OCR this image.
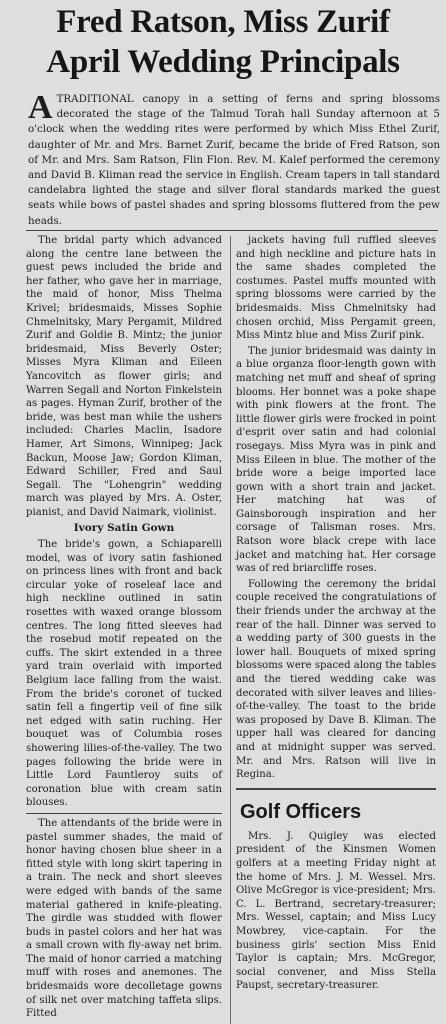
Fred Ratson, Miss Zurif
April Wedding Principals
ATRADITIONAL canopy in a setting of ferns and spring blossoms decorated the stage of the Talmud Torah hall Sunday afternoon at 5 o'clock when the wedding rites were performed by which Miss Ethel Zurif, daughter of Mr. and Mrs. Barnet Zurif, became the bride of Fred Ratson, son of Mr. and Mrs. Sam Ratson, Flin Flon. Rev. M. Kalef performed the ceremony and David B. Kliman read the service in English. Cream tapers in tall standard candelabra lighted the stage and silver floral standards marked the guest seats while bows of pastel shades and spring blossoms fluttered from the pew heads.

The bridal party which advanced along the centre lane between the guest pews included the bride and her father, who gave her in marriage, the maid of honor, Miss Thelma Krivel; bridesmaids, Misses Sophie Chmelnitsky, Mary Pergamit, Mildred Zurif and Goldie B. Mintz; the junior bridesmaid, Miss Beverly Oster; Misses Myra Kliman and Eileen Yancovitch as flower girls; and Warren Segall and Norton Finkelstein as pages. Hyman Zurif, brother of the bride, was best man while the ushers included: Charles Maclin, Isadore Hamer, Art Simons, Winnipeg; Jack Backun, Moose Jaw; Gordon Kliman, Edward Schiller, Fred and Saul Segall. The "Lohengrin" wedding march was played by Mrs. A. Oster, pianist, and David Naimark, violinist.

Ivory Satin Gown

The bride's gown, a Schiaparelli model, was of ivory satin fashioned on princess lines with front and back circular yoke of roseleaf lace and high neckline outlined in satin rosettes with waxed orange blossom centres. The long fitted sleeves had the rosebud motif repeated on the cuffs. The skirt extended in a three yard train overlaid with imported Belgium lace falling from the waist. From the bride's coronet of tucked satin fell a fingertip veil of fine silk net edged with satin ruching. Her bouquet was of Columbia roses showering lilies-of-the-valley. The two pages following the bride were in Little Lord Fauntleroy suits of coronation blue with cream satin blouses.

The attendants of the bride were in pastel summer shades, the maid of honor having chosen blue sheer in a fitted style with long skirt tapering in a train. The neck and short sleeves were edged with bands of the same material gathered in knife-pleating. The girdle was studded with flower buds in pastel colors and her hat was a small crown with fly-away net brim. The maid of honor carried a matching muff with roses and anemones. The bridesmaids wore decolletage gowns of silk net over matching taffeta slips. Fitted

jackets having full ruffled sleeves and high neckline and picture hats in the same shades completed the costumes. Pastel muffs mounted with spring blossoms were carried by the bridesmaids. Miss Chmelnitsky had chosen orchid, Miss Pergamit green, Miss Mintz blue and Miss Zurif pink.

The junior bridesmaid was dainty in a blue organza floor-length gown with matching net muff and sheaf of spring blooms. Her bonnet was a poke shape with pink flowers at the front. The little flower girls were frocked in point d'esprit over satin and had colonial rosegays. Miss Myra was in pink and Miss Eileen in blue. The mother of the bride wore a beige imported lace gown with a short train and jacket. Her matching hat was of Gainsborough inspiration and her corsage of Talisman roses. Mrs. Ratson wore black crepe with lace jacket and matching hat. Her corsage was of red briarcliffe roses.

Following the ceremony the bridal couple received the congratulations of their friends under the archway at the rear of the hall. Dinner was served to a wedding party of 300 guests in the lower hall. Bouquets of mixed spring blossoms were spaced along the tables and the tiered wedding cake was decorated with silver leaves and lilies-of-the-valley. The toast to the bride was proposed by Dave B. Kliman. The upper hall was cleared for dancing and at midnight supper was served. Mr. and Mrs. Ratson will live in Regina.

Golf Officers

Mrs. J. Quigley was elected president of the Kinsmen Women golfers at a meeting Friday night at the home of Mrs. J. M. Wessel. Mrs. Olive McGregor is vice-president; Mrs. C. L. Bertrand, secretary-treasurer; Mrs. Wessel, captain; and Miss Lucy Mowbrey, vice-captain. For the business girls' section Miss Enid Taylor is captain; Mrs. McGregor, social convener, and Miss Stella Paupst, secretary-treasurer.
